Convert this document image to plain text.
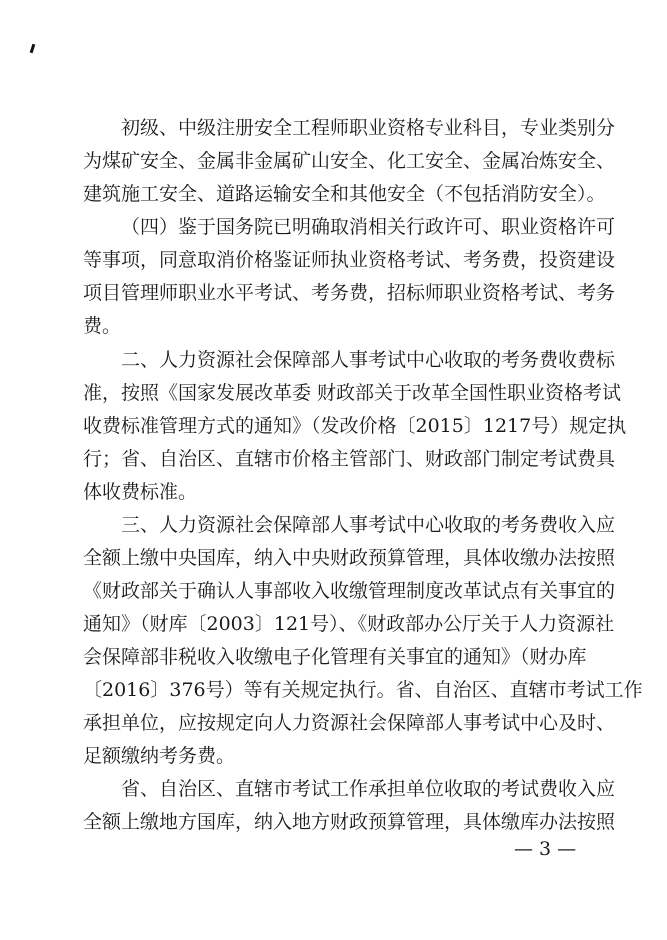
初级、中级注册安全工程师职业资格专业科目，专业类别分
为煤矿安全、金属非金属矿山安全、化工安全、金属冶炼安全、
建筑施工安全、道路运输安全和其他安全（不包括消防安全）。
（四）鉴于国务院已明确取消相关行政许可、职业资格许可
等事项，同意取消价格鉴证师执业资格考试、考务费，投资建设
项目管理师职业水平考试、考务费，招标师职业资格考试、考务
费。
二、人力资源社会保障部人事考试中心收取的考务费收费标
准，按照《国家发展改革委 财政部关于改革全国性职业资格考试
收费标准管理方式的通知》（发改价格〔2015〕1217号）规定执
行；省、自治区、直辖市价格主管部门、财政部门制定考试费具
体收费标准。
三、人力资源社会保障部人事考试中心收取的考务费收入应
全额上缴中央国库，纳入中央财政预算管理，具体收缴办法按照
《财政部关于确认人事部收入收缴管理制度改革试点有关事宜的
通知》（财库〔2003〕121号）、《财政部办公厅关于人力资源社
会保障部非税收入收缴电子化管理有关事宜的通知》（财办库
〔2016〕376号）等有关规定执行。省、自治区、直辖市考试工作
承担单位，应按规定向人力资源社会保障部人事考试中心及时、
足额缴纳考务费。
省、自治区、直辖市考试工作承担单位收取的考试费收入应
全额上缴地方国库，纳入地方财政预算管理，具体缴库办法按照
— 3 —
